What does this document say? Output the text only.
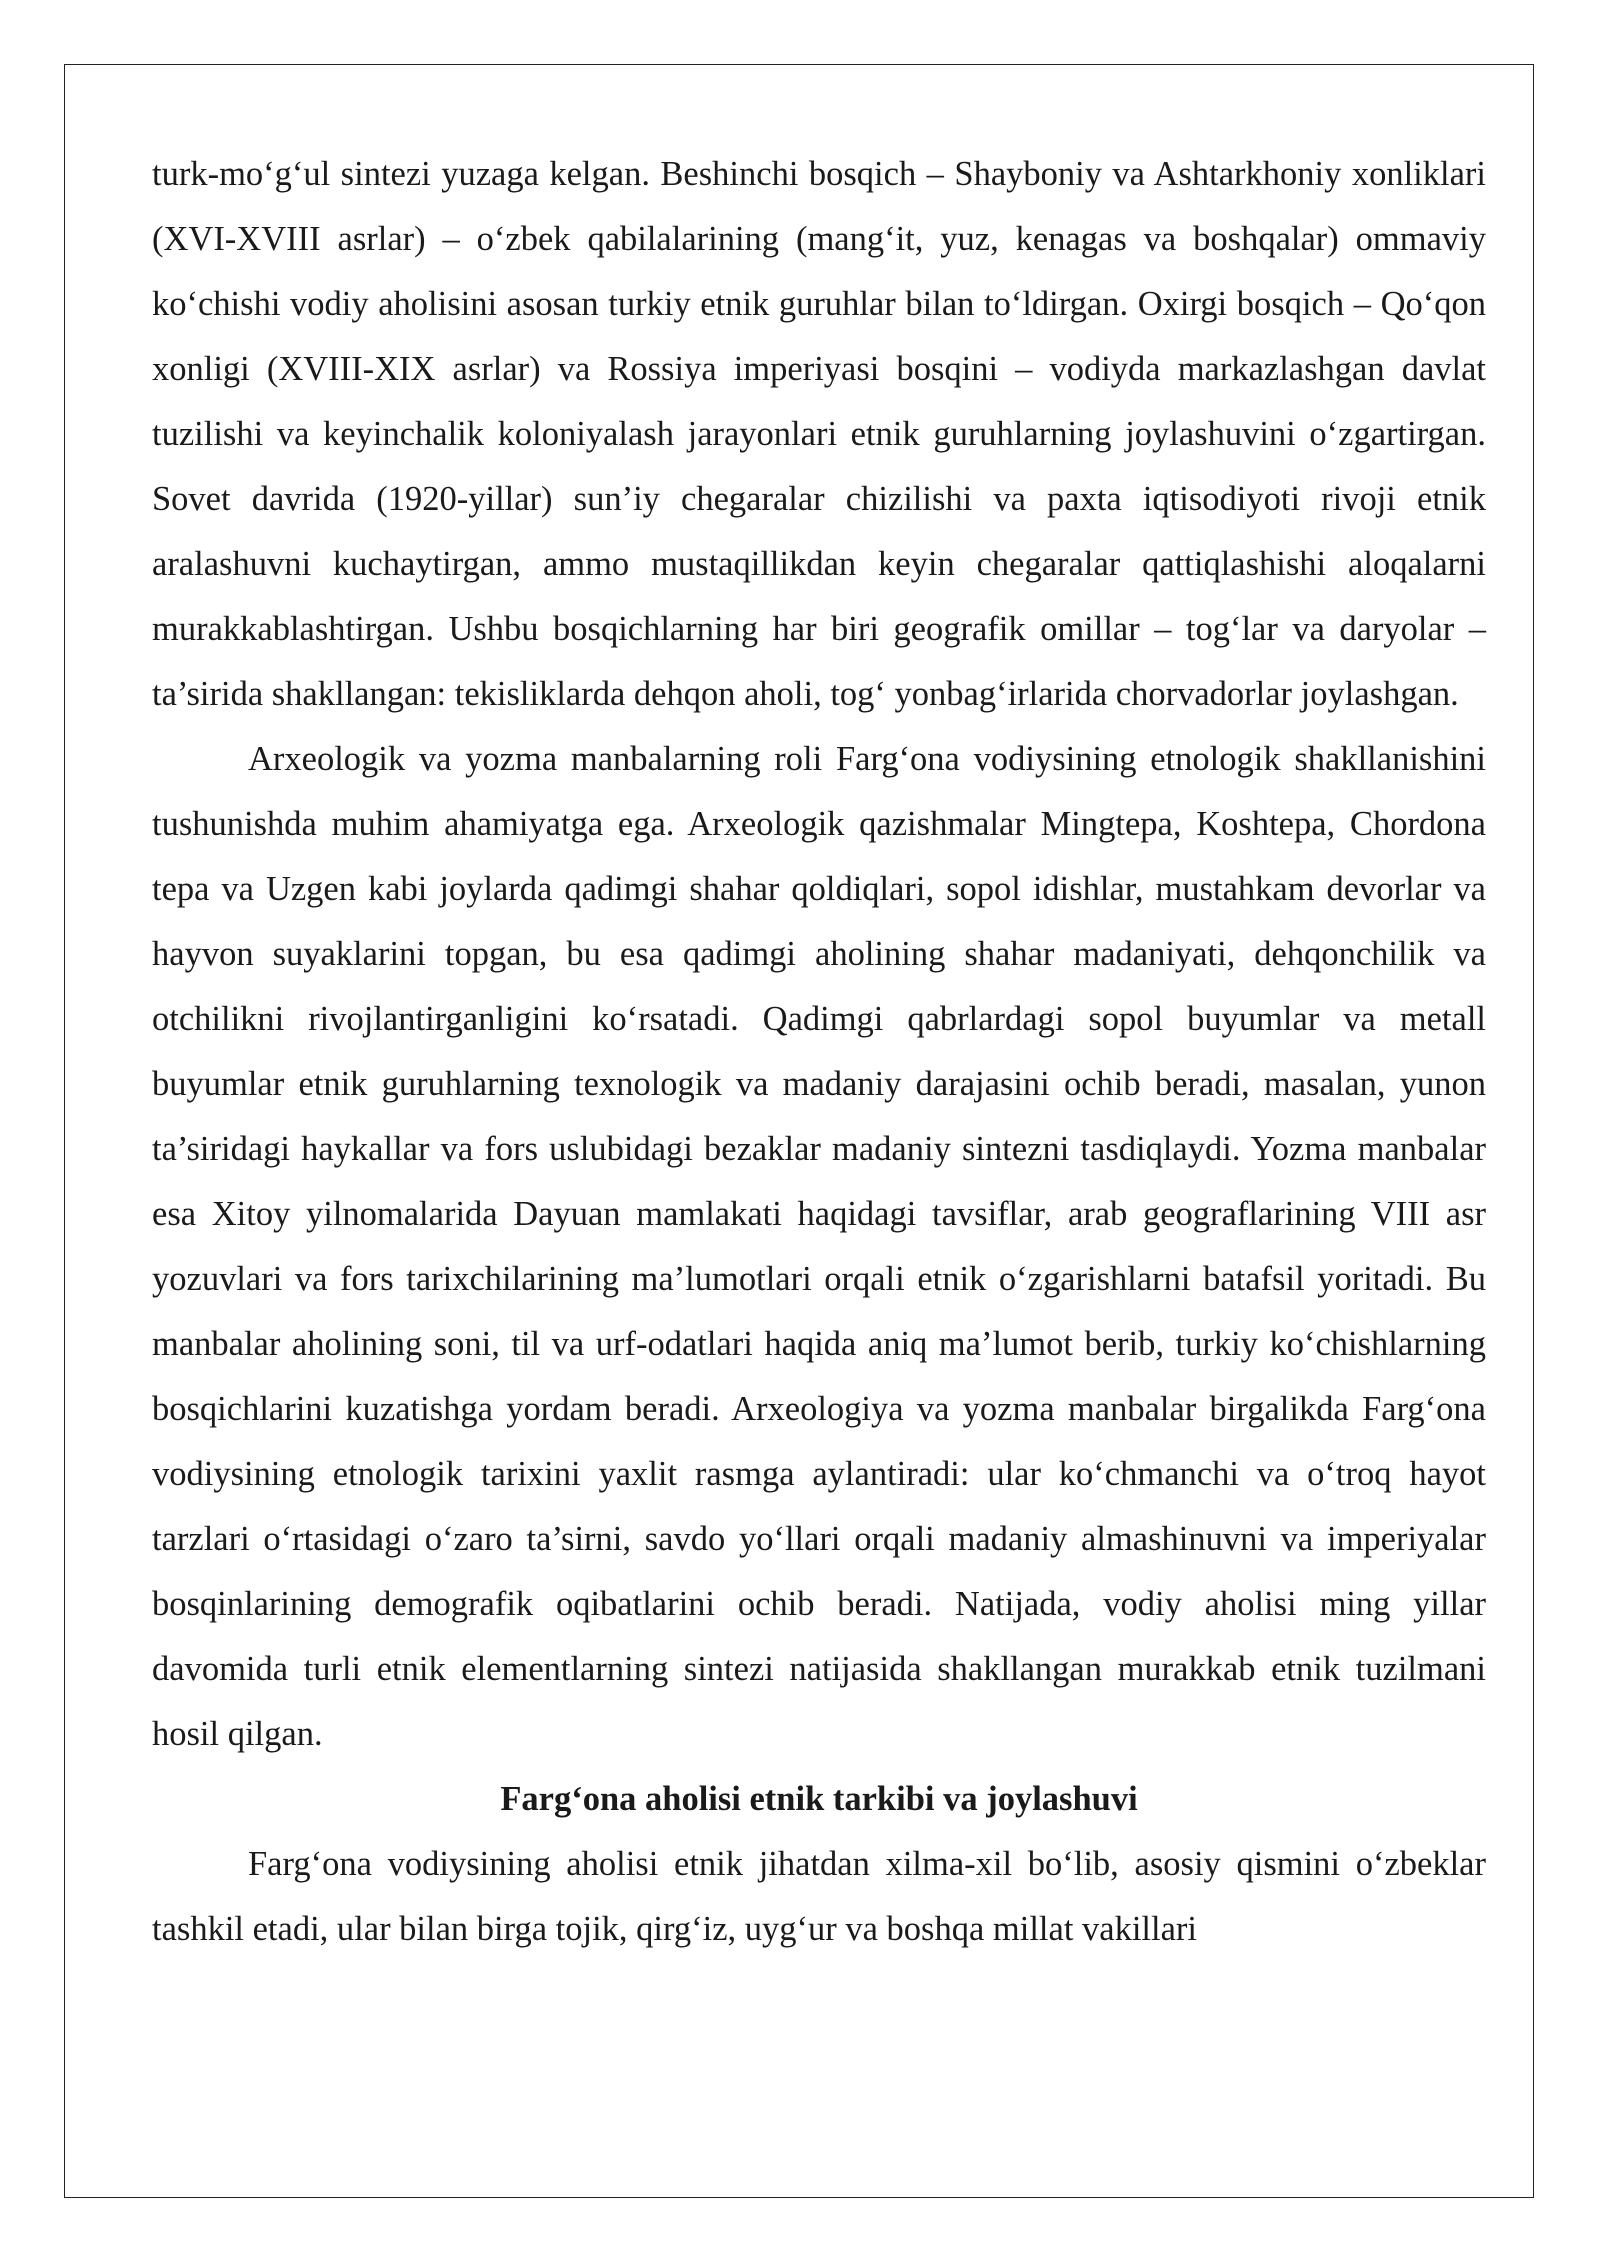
turk-mo‘g‘ul sintezi yuzaga kelgan. Beshinchi bosqich – Shayboniy va Ashtarkhoniy xonliklari (XVI-XVIII asrlar) – o‘zbek qabilalarining (mang‘it, yuz, kenagas va boshqalar) ommaviy ko‘chishi vodiy aholisini asosan turkiy etnik guruhlar bilan to‘ldirgan. Oxirgi bosqich – Qo‘qon xonligi (XVIII-XIX asrlar) va Rossiya imperiyasi bosqini – vodiyda markazlashgan davlat tuzilishi va keyinchalik koloniyalash jarayonlari etnik guruhlarning joylashuvini o‘zgartirgan. Sovet davrida (1920-yillar) sun’iy chegaralar chizilishi va paxta iqtisodiyoti rivoji etnik aralashuvni kuchaytirgan, ammo mustaqillikdan keyin chegaralar qattiqlashishi aloqalarni murakkablashtirgan. Ushbu bosqichlarning har biri geografik omillar – tog‘lar va daryolar – ta’sirida shakllangan: tekisliklarda dehqon aholi, tog‘ yonbag‘irlarida chorvadorlar joylashgan.

Arxeologik va yozma manbalarning roli Farg‘ona vodiysining etnologik shakllanishini tushunishda muhim ahamiyatga ega. Arxeologik qazishmalar Mingtepa, Koshtepa, Chordona tepa va Uzgen kabi joylarda qadimgi shahar qoldiqlari, sopol idishlar, mustahkam devorlar va hayvon suyaklarini topgan, bu esa qadimgi aholining shahar madaniyati, dehqonchilik va otchilikni rivojlantirganligini ko‘rsatadi. Qadimgi qabrlardagi sopol buyumlar va metall buyumlar etnik guruhlarning texnologik va madaniy darajasini ochib beradi, masalan, yunon ta’siridagi haykallar va fors uslubidagi bezaklar madaniy sintezni tasdiqlaydi. Yozma manbalar esa Xitoy yilnomalarida Dayuan mamlakati haqidagi tavsiflar, arab geograflarining VIII asr yozuvlari va fors tarixchilarining ma’lumotlari orqali etnik o‘zgarishlarni batafsil yoritadi. Bu manbalar aholining soni, til va urf-odatlari haqida aniq ma’lumot berib, turkiy ko‘chishlarning bosqichlarini kuzatishga yordam beradi. Arxeologiya va yozma manbalar birgalikda Farg‘ona vodiysining etnologik tarixini yaxlit rasmga aylantiradi: ular ko‘chmanchi va o‘troq hayot tarzlari o‘rtasidagi o‘zaro ta’sirni, savdo yo‘llari orqali madaniy almashinuvni va imperiyalar bosqinlarining demografik oqibatlarini ochib beradi. Natijada, vodiy aholisi ming yillar davomida turli etnik elementlarning sintezi natijasida shakllangan murakkab etnik tuzilmani hosil qilgan.

Farg‘ona aholisi etnik tarkibi va joylashuvi

Farg‘ona vodiysining aholisi etnik jihatdan xilma-xil bo‘lib, asosiy qismini o‘zbeklar tashkil etadi, ular bilan birga tojik, qirg‘iz, uyg‘ur va boshqa millat vakillari
